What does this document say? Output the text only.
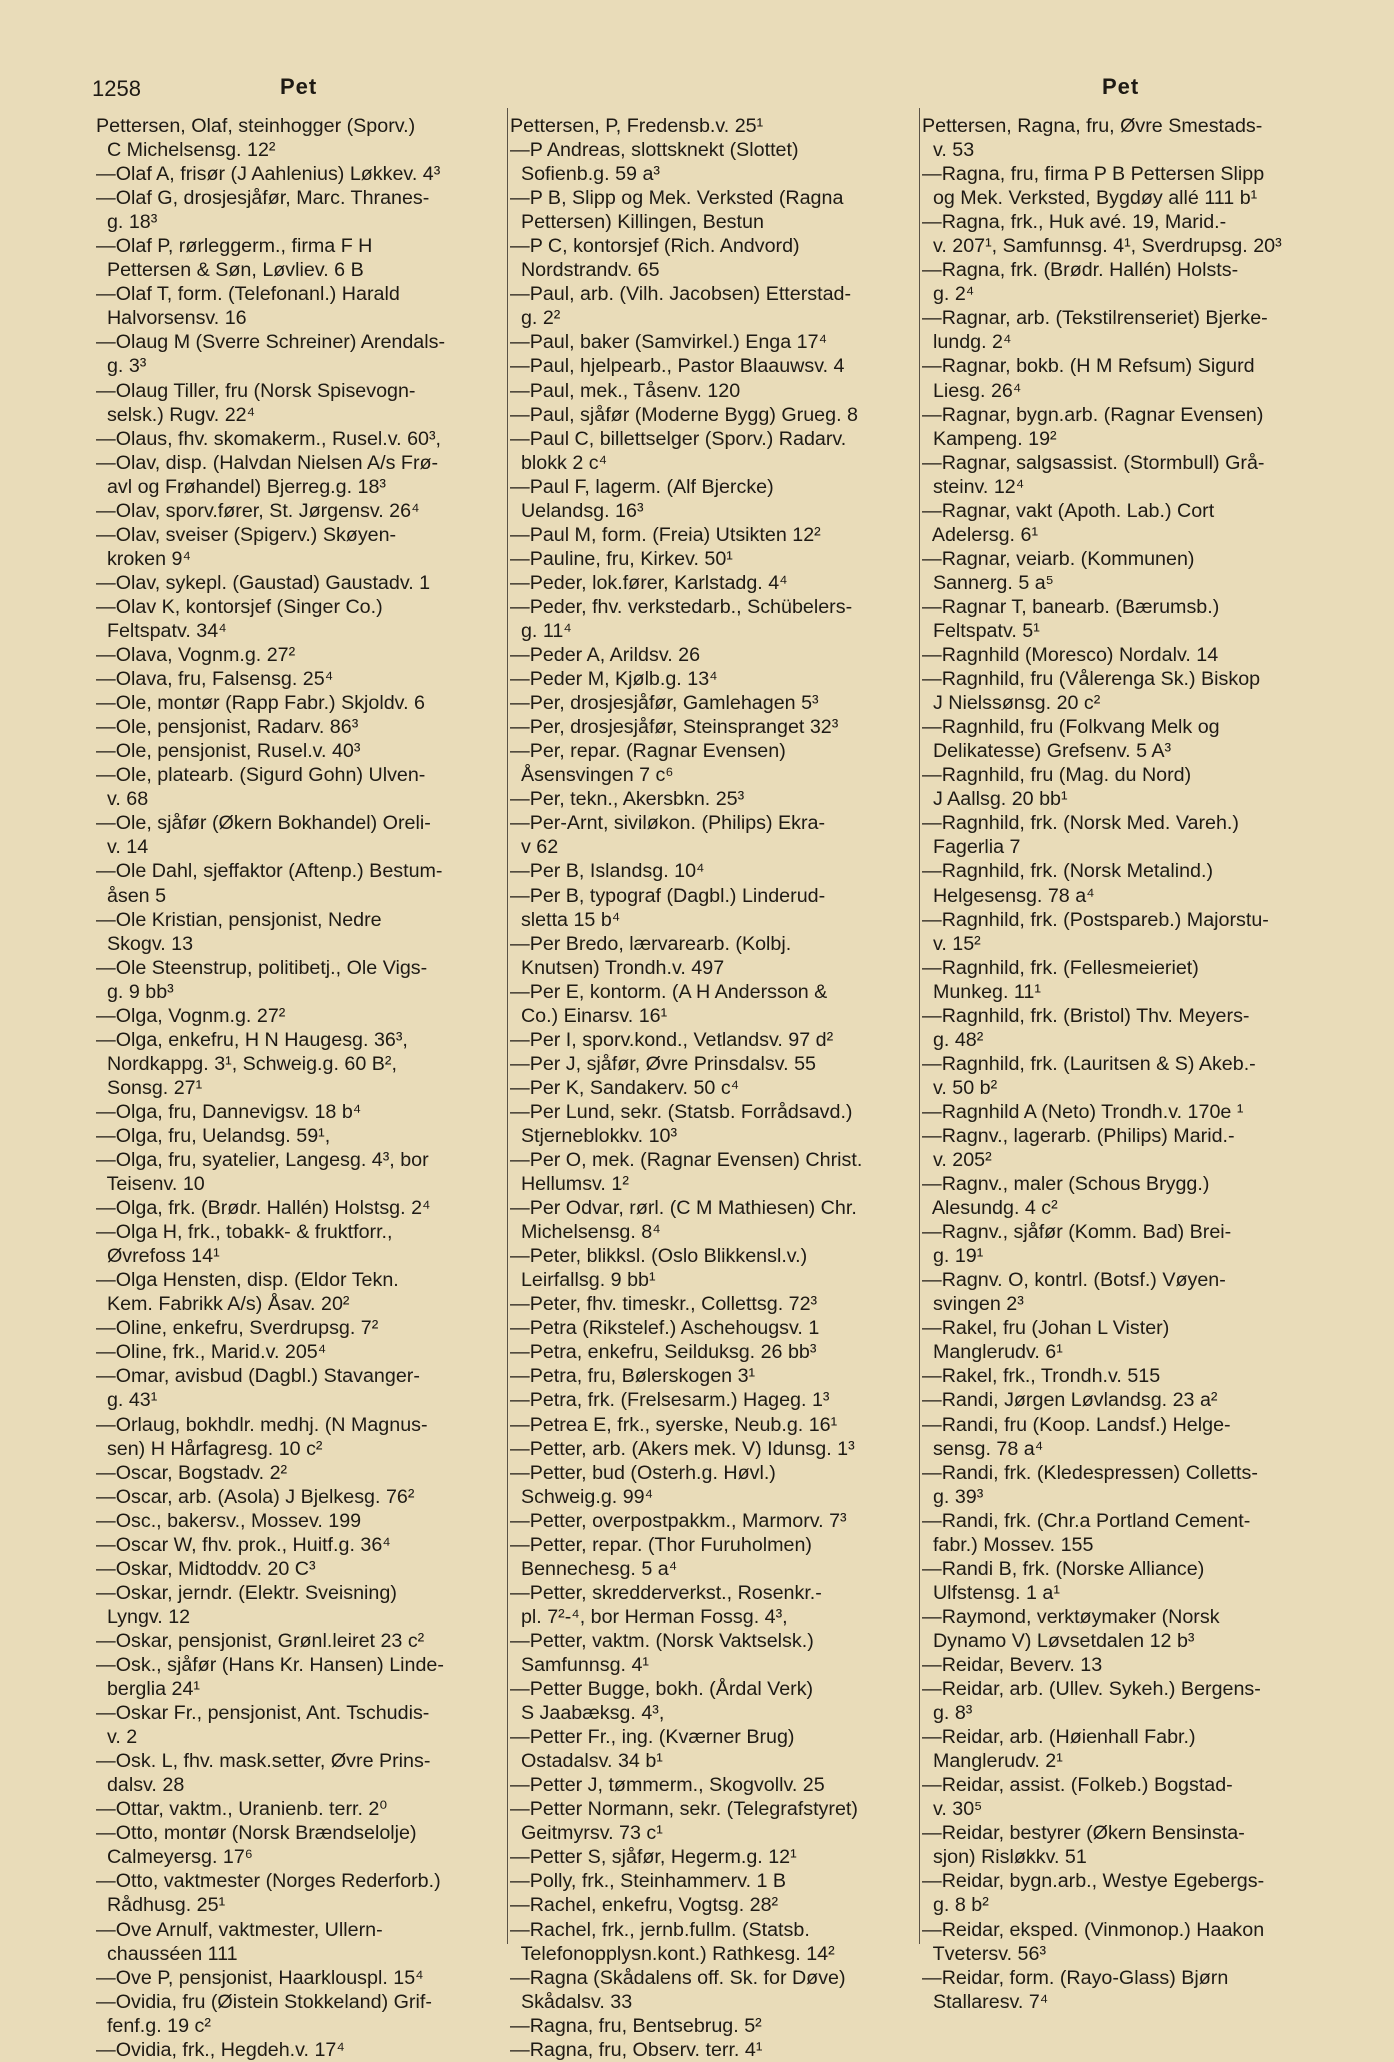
1258	Pet	Pet
Pettersen, Olaf, steinhogger (Sporv.)
C Michelsensg. 12²
—Olaf A, frisør (J Aahlenius) Løkkev. 4³
—Olaf G, drosjesjåfør, Marc. Thranes-
g. 18³
—Olaf P, rørleggerm., firma F H
Pettersen & Søn, Løvliev. 6 B
—Olaf T, form. (Telefonanl.) Harald
Halvorsensv. 16
—Olaug M (Sverre Schreiner) Arendals-
g. 3³
—Olaug Tiller, fru (Norsk Spisevogn-
selsk.) Rugv. 22⁴
—Olaus, fhv. skomakerm., Rusel.v. 60³,
—Olav, disp. (Halvdan Nielsen A/s Frø-
avl og Frøhandel) Bjerreg.g. 18³
—Olav, sporv.fører, St. Jørgensv. 26⁴
—Olav, sveiser (Spigerv.) Skøyen-
kroken 9⁴
—Olav, sykepl. (Gaustad) Gaustadv. 1
—Olav K, kontorsjef (Singer Co.)
Feltspatv. 34⁴
—Olava, Vognm.g. 27²
—Olava, fru, Falsensg. 25⁴
—Ole, montør (Rapp Fabr.) Skjoldv. 6
—Ole, pensjonist, Radarv. 86³
—Ole, pensjonist, Rusel.v. 40³
—Ole, platearb. (Sigurd Gohn) Ulven-
v. 68
—Ole, sjåfør (Økern Bokhandel) Oreli-
v. 14
—Ole Dahl, sjeffaktor (Aftenp.) Bestum-
åsen 5
—Ole Kristian, pensjonist, Nedre
Skogv. 13
—Ole Steenstrup, politibetj., Ole Vigs-
g. 9 bb³
—Olga, Vognm.g. 27²
—Olga, enkefru, H N Haugesg. 36³,
Nordkappg. 3¹, Schweig.g. 60 B²,
Sonsg. 27¹
—Olga, fru, Dannevigsv. 18 b⁴
—Olga, fru, Uelandsg. 59¹,
—Olga, fru, syatelier, Langesg. 4³, bor
Teisenv. 10
—Olga, frk. (Brødr. Hallén) Holstsg. 2⁴
—Olga H, frk., tobakk- & fruktforr.,
Øvrefoss 14¹
—Olga Hensten, disp. (Eldor Tekn.
Kem. Fabrikk A/s) Åsav. 20²
—Oline, enkefru, Sverdrupsg. 7²
—Oline, frk., Marid.v. 205⁴
—Omar, avisbud (Dagbl.) Stavanger-
g. 43¹
—Orlaug, bokhdlr. medhj. (N Magnus-
sen) H Hårfagresg. 10 c²
—Oscar, Bogstadv. 2²
—Oscar, arb. (Asola) J Bjelkesg. 76²
—Osc., bakersv., Mossev. 199
—Oscar W, fhv. prok., Huitf.g. 36⁴
—Oskar, Midtoddv. 20 C³
—Oskar, jerndr. (Elektr. Sveisning)
Lyngv. 12
—Oskar, pensjonist, Grønl.leiret 23 c²
—Osk., sjåfør (Hans Kr. Hansen) Linde-
berglia 24¹
—Oskar Fr., pensjonist, Ant. Tschudis-
v. 2
—Osk. L, fhv. mask.setter, Øvre Prins-
dalsv. 28
—Ottar, vaktm., Uranienb. terr. 2⁰
—Otto, montør (Norsk Brændselolje)
Calmeyersg. 17⁶
—Otto, vaktmester (Norges Rederforb.)
Rådhusg. 25¹
—Ove Arnulf, vaktmester, Ullern-
chausséen 111
—Ove P, pensjonist, Haarklouspl. 15⁴
—Ovidia, fru (Øistein Stokkeland) Grif-
fenf.g. 19 c²
—Ovidia, frk., Hegdeh.v. 17⁴
Pettersen, P, Fredensb.v. 25¹
—P Andreas, slottsknekt (Slottet)
Sofienb.g. 59 a³
—P B, Slipp og Mek. Verksted (Ragna
Pettersen) Killingen, Bestun
—P C, kontorsjef (Rich. Andvord)
Nordstrandv. 65
—Paul, arb. (Vilh. Jacobsen) Etterstad-
g. 2²
—Paul, baker (Samvirkel.) Enga 17⁴
—Paul, hjelpearb., Pastor Blaauwsv. 4
—Paul, mek., Tåsenv. 120
—Paul, sjåfør (Moderne Bygg) Grueg. 8
—Paul C, billettselger (Sporv.) Radarv.
blokk 2 c⁴
—Paul F, lagerm. (Alf Bjercke)
Uelandsg. 16³
—Paul M, form. (Freia) Utsikten 12²
—Pauline, fru, Kirkev. 50¹
—Peder, lok.fører, Karlstadg. 4⁴
—Peder, fhv. verkstedarb., Schübelers-
g. 11⁴
—Peder A, Arildsv. 26
—Peder M, Kjølb.g. 13⁴
—Per, drosjesjåfør, Gamlehagen 5³
—Per, drosjesjåfør, Steinspranget 32³
—Per, repar. (Ragnar Evensen)
Åsensvingen 7 c⁶
—Per, tekn., Akersbkn. 25³
—Per-Arnt, siviløkon. (Philips) Ekra-
v 62
—Per B, Islandsg. 10⁴
—Per B, typograf (Dagbl.) Linderud-
sletta 15 b⁴
—Per Bredo, lærvarearb. (Kolbj.
Knutsen) Trondh.v. 497
—Per E, kontorm. (A H Andersson &
Co.) Einarsv. 16¹
—Per I, sporv.kond., Vetlandsv. 97 d²
—Per J, sjåfør, Øvre Prinsdalsv. 55
—Per K, Sandakerv. 50 c⁴
—Per Lund, sekr. (Statsb. Forrådsavd.)
Stjerneblokkv. 10³
—Per O, mek. (Ragnar Evensen) Christ.
Hellumsv. 1²
—Per Odvar, rørl. (C M Mathiesen) Chr.
Michelsensg. 8⁴
—Peter, blikksl. (Oslo Blikkensl.v.)
Leirfallsg. 9 bb¹
—Peter, fhv. timeskr., Collettsg. 72³
—Petra (Rikstelef.) Aschehougsv. 1
—Petra, enkefru, Seilduksg. 26 bb³
—Petra, fru, Bølerskogen 3¹
—Petra, frk. (Frelsesarm.) Hageg. 1³
—Petrea E, frk., syerske, Neub.g. 16¹
—Petter, arb. (Akers mek. V) Idunsg. 1³
—Petter, bud (Osterh.g. Høvl.)
Schweig.g. 99⁴
—Petter, overpostpakkm., Marmorv. 7³
—Petter, repar. (Thor Furuholmen)
Bennechesg. 5 a⁴
—Petter, skredderverkst., Rosenkr.-
pl. 7²-⁴, bor Herman Fossg. 4³,
—Petter, vaktm. (Norsk Vaktselsk.)
Samfunnsg. 4¹
—Petter Bugge, bokh. (Årdal Verk)
S Jaabæksg. 4³,
—Petter Fr., ing. (Kværner Brug)
Ostadalsv. 34 b¹
—Petter J, tømmerm., Skogvollv. 25
—Petter Normann, sekr. (Telegrafstyret)
Geitmyrsv. 73 c¹
—Petter S, sjåfør, Hegerm.g. 12¹
—Polly, frk., Steinhammerv. 1 B
—Rachel, enkefru, Vogtsg. 28²
—Rachel, frk., jernb.fullm. (Statsb.
Telefonopplysn.kont.) Rathkesg. 14²
—Ragna (Skådalens off. Sk. for Døve)
Skådalsv. 33
—Ragna, fru, Bentsebrug. 5²
—Ragna, fru, Observ. terr. 4¹
Pettersen, Ragna, fru, Øvre Smestads-
v. 53
—Ragna, fru, firma P B Pettersen Slipp
og Mek. Verksted, Bygdøy allé 111 b¹
—Ragna, frk., Huk avé. 19, Marid.-
v. 207¹, Samfunnsg. 4¹, Sverdrupsg. 20³
—Ragna, frk. (Brødr. Hallén) Holsts-
g. 2⁴
—Ragnar, arb. (Tekstilrenseriet) Bjerke-
lundg. 2⁴
—Ragnar, bokb. (H M Refsum) Sigurd
Liesg. 26⁴
—Ragnar, bygn.arb. (Ragnar Evensen)
Kampeng. 19²
—Ragnar, salgsassist. (Stormbull) Grå-
steinv. 12⁴
—Ragnar, vakt (Apoth. Lab.) Cort
Adelersg. 6¹
—Ragnar, veiarb. (Kommunen)
Sannerg. 5 a⁵
—Ragnar T, banearb. (Bærumsb.)
Feltspatv. 5¹
—Ragnhild (Moresco) Nordalv. 14
—Ragnhild, fru (Vålerenga Sk.) Biskop
J Nielssønsg. 20 c²
—Ragnhild, fru (Folkvang Melk og
Delikatesse) Grefsenv. 5 A³
—Ragnhild, fru (Mag. du Nord)
J Aallsg. 20 bb¹
—Ragnhild, frk. (Norsk Med. Vareh.)
Fagerlia 7
—Ragnhild, frk. (Norsk Metalind.)
Helgesensg. 78 a⁴
—Ragnhild, frk. (Postspareb.) Majorstu-
v. 15²
—Ragnhild, frk. (Fellesmeieriet)
Munkeg. 11¹
—Ragnhild, frk. (Bristol) Thv. Meyers-
g. 48²
—Ragnhild, frk. (Lauritsen & S) Akeb.-
v. 50 b²
—Ragnhild A (Neto) Trondh.v. 170e ¹
—Ragnv., lagerarb. (Philips) Marid.-
v. 205²
—Ragnv., maler (Schous Brygg.)
Alesundg. 4 c²
—Ragnv., sjåfør (Komm. Bad) Brei-
g. 19¹
—Ragnv. O, kontrl. (Botsf.) Vøyen-
svingen 2³
—Rakel, fru (Johan L Vister)
Manglerudv. 6¹
—Rakel, frk., Trondh.v. 515
—Randi, Jørgen Løvlandsg. 23 a²
—Randi, fru (Koop. Landsf.) Helge-
sensg. 78 a⁴
—Randi, frk. (Kledespressen) Colletts-
g. 39³
—Randi, frk. (Chr.a Portland Cement-
fabr.) Mossev. 155
—Randi B, frk. (Norske Alliance)
Ulfstensg. 1 a¹
—Raymond, verktøymaker (Norsk
Dynamo V) Løvsetdalen 12 b³
—Reidar, Beverv. 13
—Reidar, arb. (Ullev. Sykeh.) Bergens-
g. 8³
—Reidar, arb. (Høienhall Fabr.)
Manglerudv. 2¹
—Reidar, assist. (Folkeb.) Bogstad-
v. 30⁵
—Reidar, bestyrer (Økern Bensinsta-
sjon) Risløkkv. 51
—Reidar, bygn.arb., Westye Egebergs-
g. 8 b²
—Reidar, eksped. (Vinmonop.) Haakon
Tvetersv. 56³
—Reidar, form. (Rayo-Glass) Bjørn
Stallaresv. 7⁴
